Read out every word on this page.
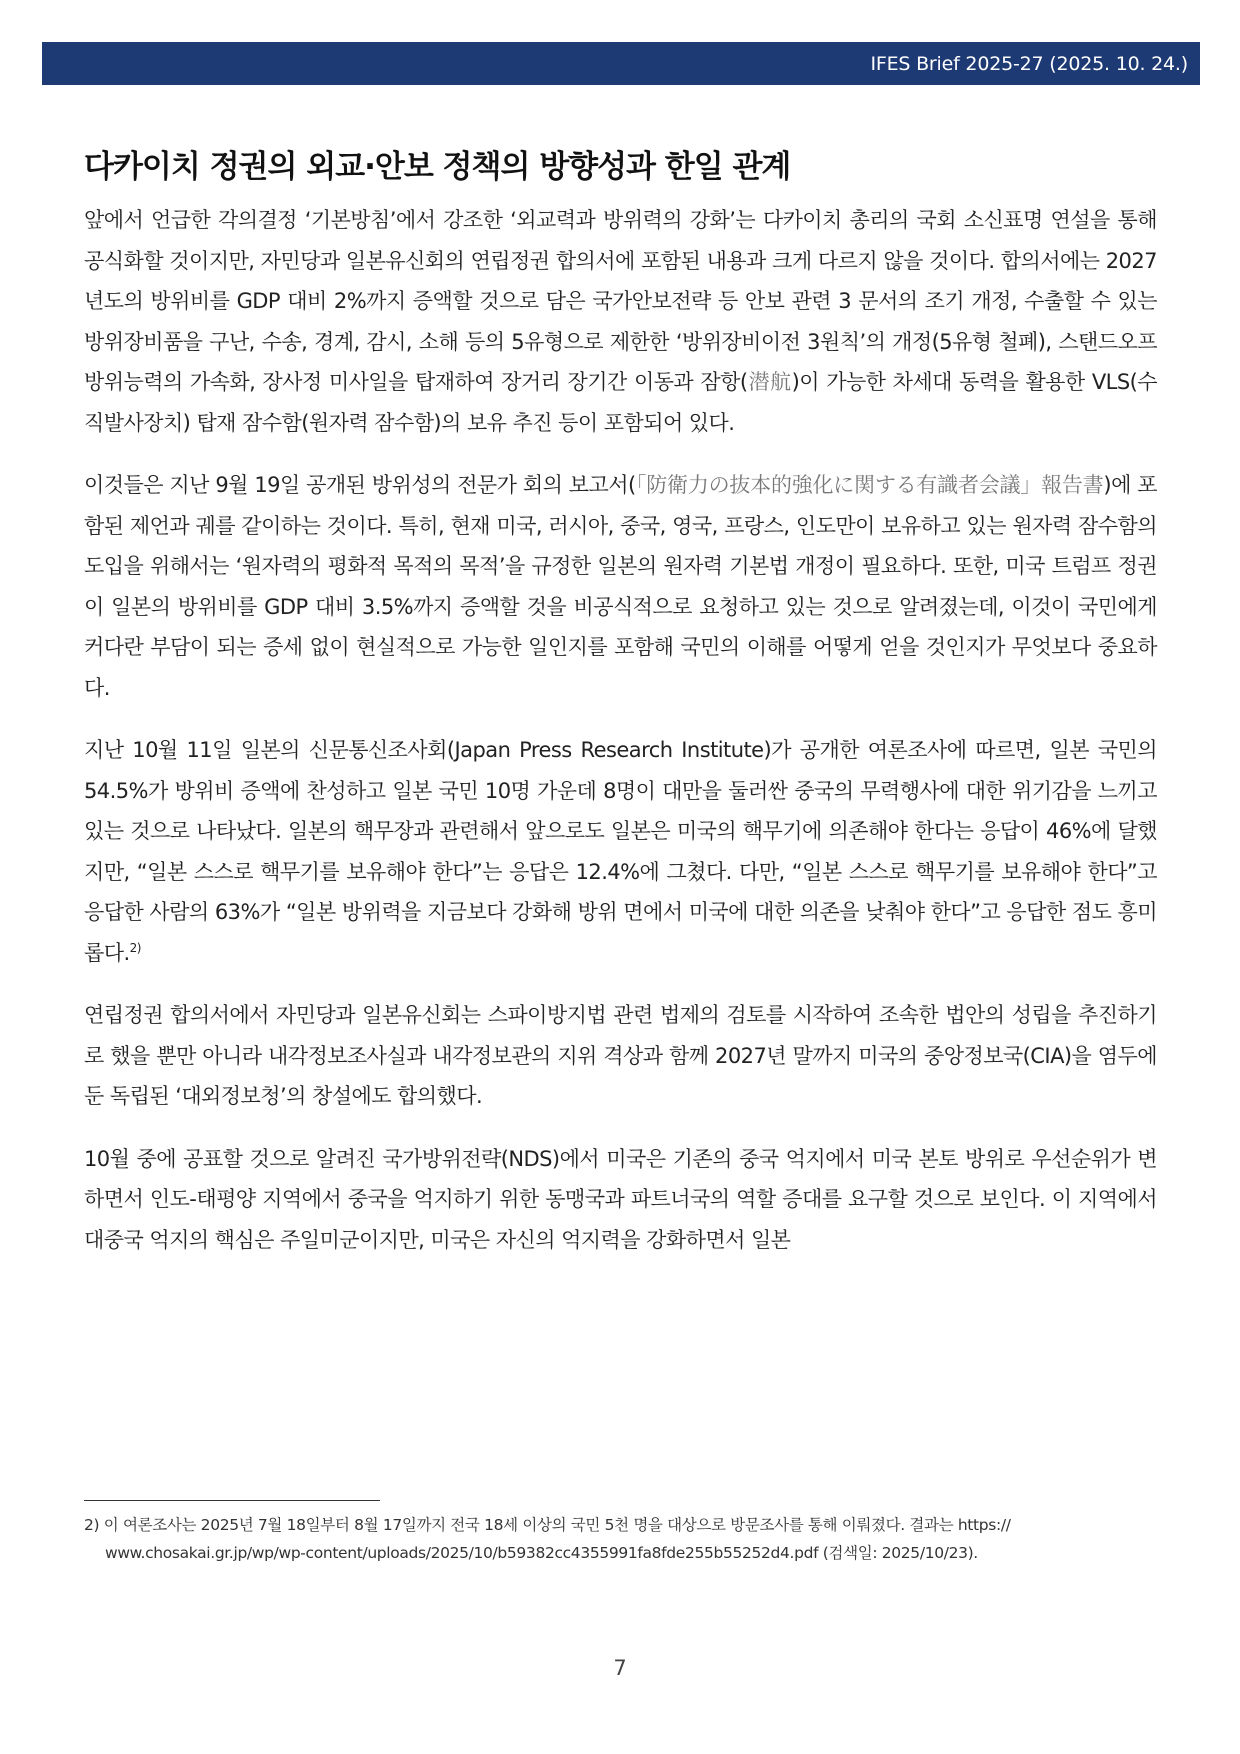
IFES Brief 2025-27 (2025. 10. 24.)
다카이치 정권의 외교·안보 정책의 방향성과 한일 관계

앞에서 언급한 각의결정 ‘기본방침’에서 강조한 ‘외교력과 방위력의 강화’는 다카이치 총리의 국회 소신표명 연설을 통해 공식화할 것이지만, 자민당과 일본유신회의 연립정권 합의서에 포함된 내용과 크게 다르지 않을 것이다. 합의서에는 2027년도의 방위비를 GDP 대비 2%까지 증액할 것으로 담은 국가안보전략 등 안보 관련 3 문서의 조기 개정, 수출할 수 있는 방위장비품을 구난, 수송, 경계, 감시, 소해 등의 5유형으로 제한한 ‘방위장비이전 3원칙’의 개정(5유형 철폐), 스탠드오프 방위능력의 가속화, 장사정 미사일을 탑재하여 장거리 장기간 이동과 잠항(潜航)이 가능한 차세대 동력을 활용한 VLS(수직발사장치) 탑재 잠수함(원자력 잠수함)의 보유 추진 등이 포함되어 있다.

이것들은 지난 9월 19일 공개된 방위성의 전문가 회의 보고서(「防衛力の抜本的強化に関する有識者会議」報告書)에 포함된 제언과 궤를 같이하는 것이다. 특히, 현재 미국, 러시아, 중국, 영국, 프랑스, 인도만이 보유하고 있는 원자력 잠수함의 도입을 위해서는 ‘원자력의 평화적 목적의 목적’을 규정한 일본의 원자력 기본법 개정이 필요하다. 또한, 미국 트럼프 정권이 일본의 방위비를 GDP 대비 3.5%까지 증액할 것을 비공식적으로 요청하고 있는 것으로 알려졌는데, 이것이 국민에게 커다란 부담이 되는 증세 없이 현실적으로 가능한 일인지를 포함해 국민의 이해를 어떻게 얻을 것인지가 무엇보다 중요하다.

지난 10월 11일 일본의 신문통신조사회(Japan Press Research Institute)가 공개한 여론조사에 따르면, 일본 국민의 54.5%가 방위비 증액에 찬성하고 일본 국민 10명 가운데 8명이 대만을 둘러싼 중국의 무력행사에 대한 위기감을 느끼고 있는 것으로 나타났다. 일본의 핵무장과 관련해서 앞으로도 일본은 미국의 핵무기에 의존해야 한다는 응답이 46%에 달했지만, “일본 스스로 핵무기를 보유해야 한다”는 응답은 12.4%에 그쳤다. 다만, “일본 스스로 핵무기를 보유해야 한다”고 응답한 사람의 63%가 “일본 방위력을 지금보다 강화해 방위 면에서 미국에 대한 의존을 낮춰야 한다”고 응답한 점도 흥미롭다.$^{2)}$

연립정권 합의서에서 자민당과 일본유신회는 스파이방지법 관련 법제의 검토를 시작하여 조속한 법안의 성립을 추진하기로 했을 뿐만 아니라 내각정보조사실과 내각정보관의 지위 격상과 함께 2027년 말까지 미국의 중앙정보국(CIA)을 염두에 둔 독립된 ‘대외정보청’의 창설에도 합의했다.

10월 중에 공표할 것으로 알려진 국가방위전략(NDS)에서 미국은 기존의 중국 억지에서 미국 본토 방위로 우선순위가 변하면서 인도-태평양 지역에서 중국을 억지하기 위한 동맹국과 파트너국의 역할 증대를 요구할 것으로 보인다. 이 지역에서 대중국 억지의 핵심은 주일미군이지만, 미국은 자신의 억지력을 강화하면서 일본

2) 이 여론조사는 2025년 7월 18일부터 8월 17일까지 전국 18세 이상의 국민 5천 명을 대상으로 방문조사를 통해 이뤄졌다. 결과는 https://
www.chosakai.gr.jp/wp/wp-content/uploads/2025/10/b59382cc4355991fa8fde255b55252d4.pdf (검색일: 2025/10/23).
7
